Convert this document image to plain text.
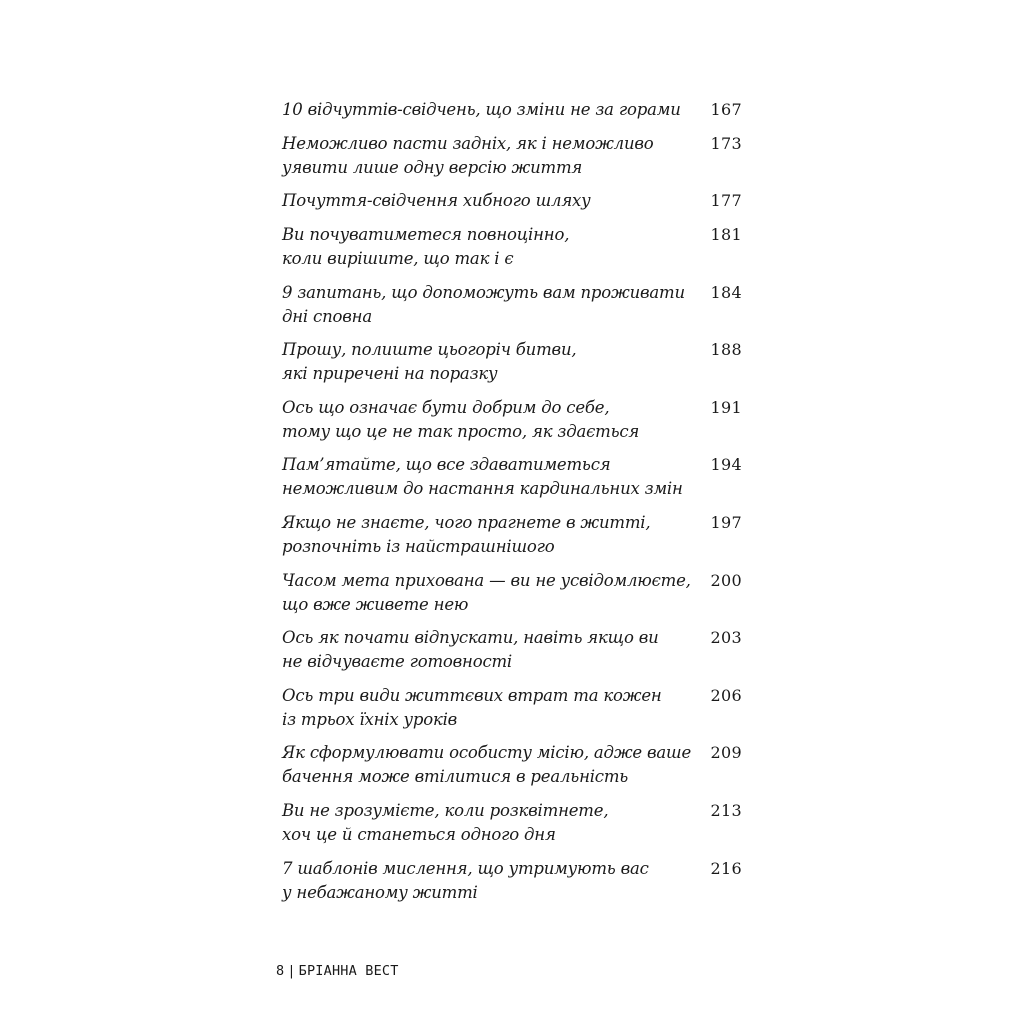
10 відчуттів-свідчень, що зміни не за горами 167
Неможливо пасти задніх, як і неможливо
уявити лише одну версію життя
173
Почуття-свідчення хибного шляху	177
Ви почуватиметеся повноцінно,
коли вирішите, що так і є
181
9 запитань, що допоможуть вам проживати
дні сповна
184
Прошу, полиште цьогоріч битви,
які приречені на поразку
188
Ось що означає бути добрим до себе,
тому що це не так просто, як здається
191
Пам’ятайте, що все здаватиметься
неможливим до настання кардинальних змін
194
Якщо не знаєте, чого прагнете в житті,
розпочніть із найстрашнішого
197
Часом мета прихована — ви не усвідомлюєте,
що вже живете нею
200
Ось як почати відпускати, навіть якщо ви
не відчуваєте готовності
203
Ось три види життєвих втрат та кожен
із трьох їхніх уроків
206
Як сформулювати особисту місію, адже ваше
бачення може втілитися в реальність
209
Ви не зрозумієте, коли розквітнете,
хоч це й станеться одного дня
213
7 шаблонів мислення, що утримують вас
у небажаному житті
216
8 | БРІАННА ВЕСТ
